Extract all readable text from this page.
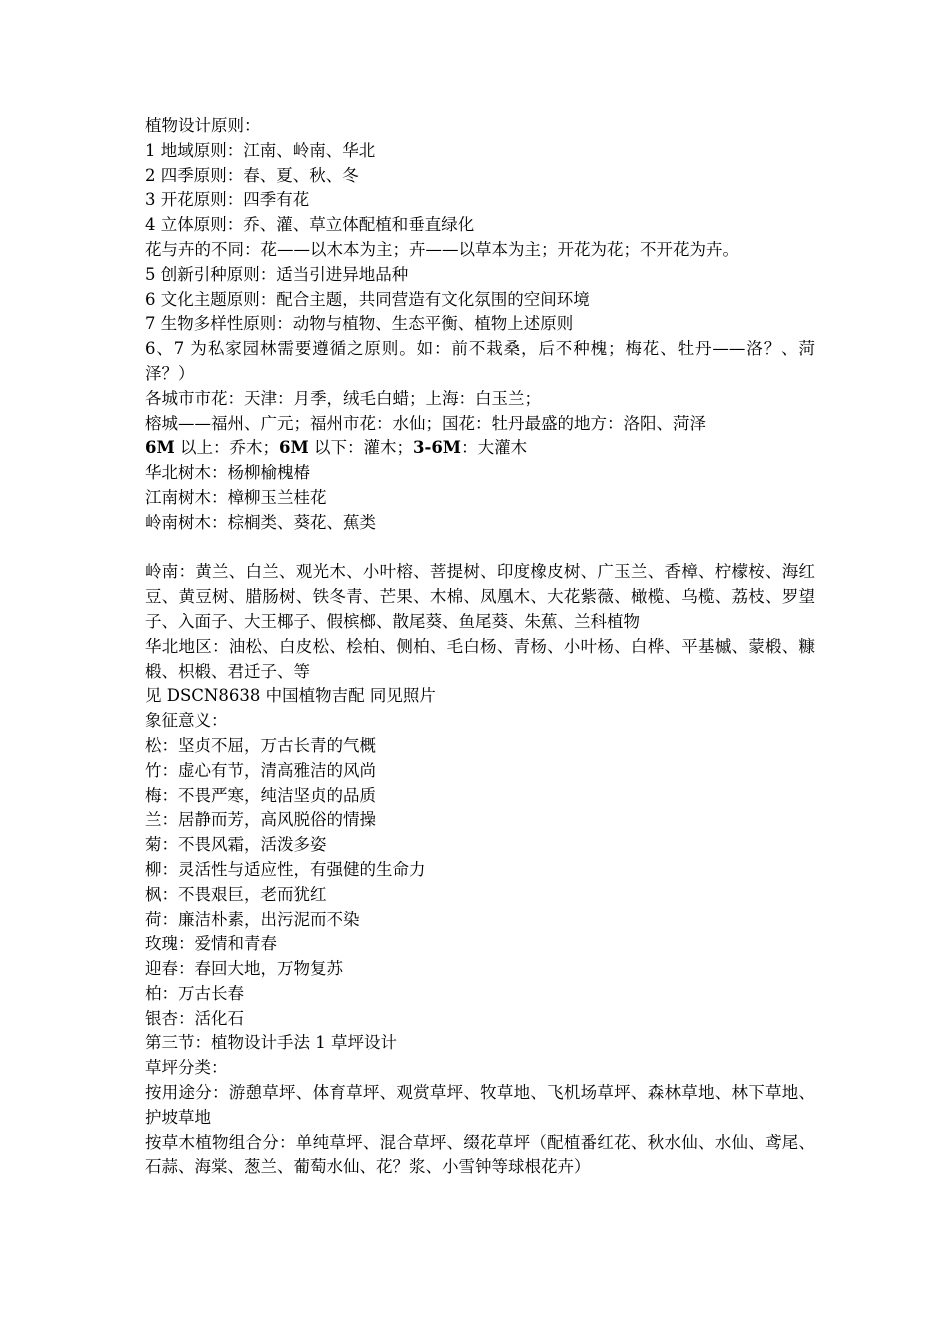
植物设计原则：
1 地域原则：江南、岭南、华北
2 四季原则：春、夏、秋、冬
3 开花原则：四季有花
4 立体原则：乔、灌、草立体配植和垂直绿化
花与卉的不同：花——以木本为主；卉——以草本为主；开花为花；不开花为卉。
5 创新引种原则：适当引进异地品种
6 文化主题原则：配合主题，共同营造有文化氛围的空间环境
7 生物多样性原则：动物与植物、生态平衡、植物上述原则
6、7 为私家园林需要遵循之原则。如：前不栽桑，后不种槐；梅花、牡丹——洛？、菏泽？）
各城市市花：天津：月季，绒毛白蜡；上海：白玉兰；
榕城——福州、广元；福州市花：水仙；国花：牡丹最盛的地方：洛阳、菏泽
6M 以上：乔木；6M 以下：灌木；3-6M：大灌木
华北树木：杨柳榆槐椿
江南树木：樟柳玉兰桂花
岭南树木：棕榈类、葵花、蕉类
岭南：黄兰、白兰、观光木、小叶榕、菩提树、印度橡皮树、广玉兰、香樟、柠檬桉、海红豆、黄豆树、腊肠树、铁冬青、芒果、木棉、凤凰木、大花紫薇、橄榄、乌榄、荔枝、罗望子、入面子、大王椰子、假槟榔、散尾葵、鱼尾葵、朱蕉、兰科植物
华北地区：油松、白皮松、桧柏、侧柏、毛白杨、青杨、小叶杨、白桦、平基槭、蒙椴、糠椴、枳椴、君迁子、等
见 DSCN8638 中国植物吉配 同见照片
象征意义：
松：坚贞不屈，万古长青的气概
竹：虚心有节，清高雅洁的风尚
梅：不畏严寒，纯洁坚贞的品质
兰：居静而芳，高风脱俗的情操
菊：不畏风霜，活泼多姿
柳：灵活性与适应性，有强健的生命力
枫：不畏艰巨，老而犹红
荷：廉洁朴素，出污泥而不染
玫瑰：爱情和青春
迎春：春回大地，万物复苏
柏：万古长春
银杏：活化石
第三节：植物设计手法 1 草坪设计
草坪分类：
按用途分：游憩草坪、体育草坪、观赏草坪、牧草地、飞机场草坪、森林草地、林下草地、护坡草地
按草木植物组合分：单纯草坪、混合草坪、缀花草坪（配植番红花、秋水仙、水仙、鸢尾、石蒜、海棠、葱兰、葡萄水仙、花？浆、小雪钟等球根花卉）
